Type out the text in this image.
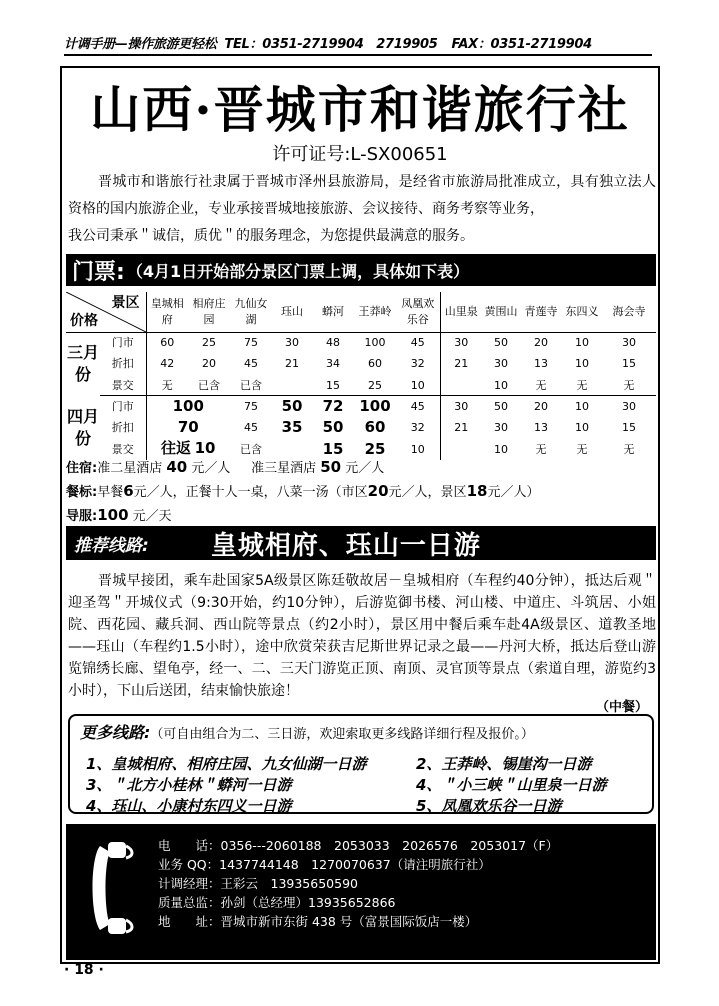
计调手册—操作旅游更轻松 TEL：0351-2719904　2719905 FAX：0351-2719904
山西·晋城市和谐旅行社
许可证号:L-SX00651

晋城市和谐旅行社隶属于晋城市泽州县旅游局，是经省市旅游局批准成立，具有独立法人资格的国内旅游企业，专业承接晋城地接旅游、会议接待、商务考察等业务，

我公司秉承＂诚信，质优＂的服务理念，为您提供最满意的服务。

门票: （4月1日开始部分景区门票上调，具体如下表）
景区
价格		皇城相府	相府庄园	九仙女湖	珏山	蟒河	王莽岭	凤凰欢乐谷	山里泉	黄围山	青莲寺	东四义	海会寺
三月份	门市	60	25	75	30	48	100	45	30	50	20	10	30
	折扣	42	20	45	21	34	60	32	21	30	13	10	15
	景交	无	已含	已含		15	25	10		10	无	无	无
四月份	门市	100		75	50	72	100	45	30	50	20	10	30
	折扣	70		45	35	50	60	32	21	30	13	10	15
	景交	往返 10		已含		15	25	10		10	无	无	无
住宿:准二星酒店 40 元／人 准三星酒店 50 元／人
餐标:早餐6元／人，正餐十人一桌，八菜一汤（市区20元／人，景区18元／人）
导服:100 元／天
推荐线路: 皇城相府、珏山一日游

晋城早接团，乘车赴国家5A级景区陈廷敬故居－皇城相府（车程约40分钟），抵达后观＂迎圣驾＂开城仪式（9:30开始，约10分钟），后游览御书楼、河山楼、中道庄、斗筑居、小姐院、西花园、藏兵洞、西山院等景点（约2小时），景区用中餐后乘车赴4A级景区、道教圣地——珏山（车程约1.5小时），途中欣赏荣获吉尼斯世界记录之最——丹河大桥，抵达后登山游览锦绣长廊、望龟亭，经一、二、三天门游览正顶、南顶、灵官顶等景点（索道自理，游览约3小时），下山后送团，结束愉快旅途！

（中餐）
更多线路:（可自由组合为二、三日游，欢迎索取更多线路详细行程及报价。）
1、皇城相府、相府庄园、九女仙湖一日游	2、王莽岭、锡崖沟一日游
3、＂北方小桂林＂蟒河一日游	4、＂小三峡＂山里泉一日游
4、珏山、小康村东四义一日游	5、凤凰欢乐谷一日游
电　　话：0356---2060188　2053033　2026576　2053017（F）
业务 QQ：1437744148　1270070637（请注明旅行社）
计调经理：王彩云　13935650590
质量总监：孙剑（总经理）13935652866
地　　址：晋城市新市东街 438 号（富景国际饭店一楼）
· 18 ·
